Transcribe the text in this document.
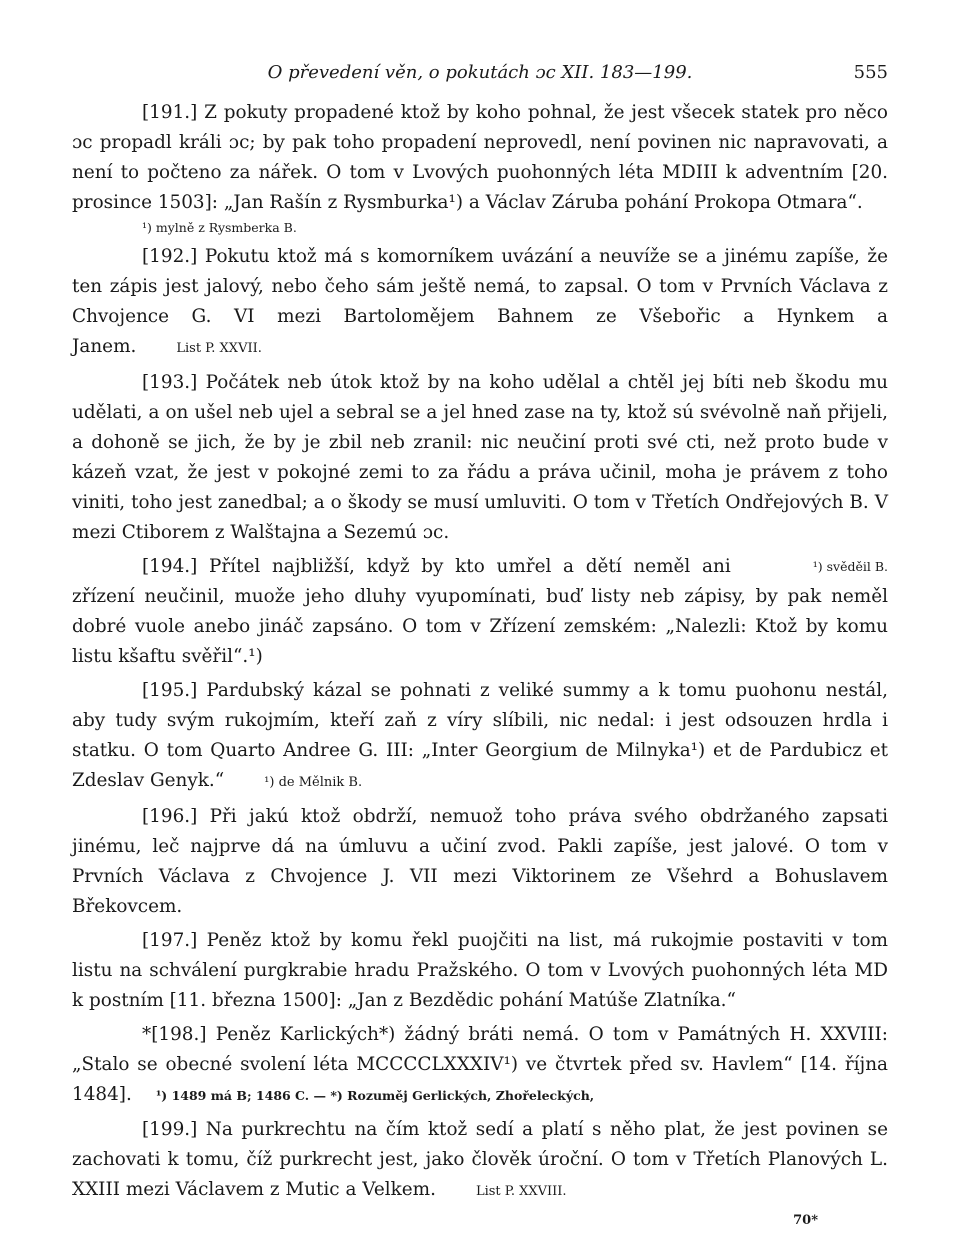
O převedení věn, o pokutách ɔc XII. 183—199.	555

[191.] Z pokuty propadené ktož by koho pohnal, že jest všecek statek pro něco ɔc propadl králi ɔc; by pak toho propadení neprovedl, není povinen nic napravovati, a není to počteno za nářek. O tom v Lvových puohonných léta MDIII k adventním [20. prosince 1503]: „Jan Rašín z Rysmburka¹) a Václav Záruba pohání Prokopa Otmara“.

¹) mylně z Rysmberka B.

[192.] Pokutu ktož má s komorníkem uvázání a neuvíže se a jinému zapíše, že ten zápis jest jalový, nebo čeho sám ještě nemá, to zapsal. O tom v Prvních Václava z Chvojence G. VI mezi Bartolomějem Bahnem ze Všebořic a Hynkem a Janem.	List P. XXVII.

[193.] Počátek neb útok ktož by na koho udělal a chtěl jej bíti neb škodu mu udělati, a on ušel neb ujel a sebral se a jel hned zase na ty, ktož sú svévolně naň přijeli, a dohoně se jich, že by je zbil neb zranil: nic neučiní proti své cti, než proto bude v kázeň vzat, že jest v pokojné zemi to za řádu a práva učinil, moha je právem z toho viniti, toho jest zanedbal; a o škody se musí umluviti. O tom v Třetích Ondřejových B. V mezi Ctiborem z Walštajna a Sezemú ɔc.

¹) svěděil B.
[194.] Přítel najbližší, když by kto umřel a dětí neměl ani zřízení neučinil, muože jeho dluhy vyupomínati, buď listy neb zápisy, by pak neměl dobré vuole anebo jináč zapsáno. O tom v Zřízení zemském: „Nalezli: Ktož by komu listu kšaftu svěřil“.¹)

[195.] Pardubský kázal se pohnati z veliké summy a k tomu puohonu nestál, aby tudy svým rukojmím, kteří zaň z víry slíbili, nic nedal: i jest odsouzen hrdla i statku. O tom Quarto Andree G. III: „Inter Georgium de Milnyka¹) et de Pardubicz et Zdeslav Genyk.“	¹) de Mělnik B.

[196.] Při jakú ktož obdrží, nemuož toho práva svého obdržaného zapsati jinému, leč najprve dá na úmluvu a učiní zvod. Pakli zapíše, jest jalové. O tom v Prvních Václava z Chvojence J. VII mezi Viktorinem ze Všehrd a Bohuslavem Břekovcem.

[197.] Peněz ktož by komu řekl puojčiti na list, má rukojmie postaviti v tom listu na schválení purgkrabie hradu Pražského. O tom v Lvových puohonných léta MD k postním [11. března 1500]: „Jan z Bezdědic pohání Matúše Zlatníka.“

*[198.] Peněz Karlických*) žádný bráti nemá. O tom v Památných H. XXVIII: „Stalo se obecné svolení léta MCCCCLXXXIV¹) ve čtvrtek před sv. Havlem“ [14. října 1484]. ¹) 1489 má B; 1486 C. — *) Rozuměj Gerlických, Zhořeleckých,

[199.] Na purkrechtu na čím ktož sedí a platí s něho plat, že jest povinen se zachovati k tomu, číž purkrecht jest, jako člověk úroční. O tom v Třetích Planových L. XXIII mezi Václavem z Mutic a Velkem.	List P. XXVIII.

70*
